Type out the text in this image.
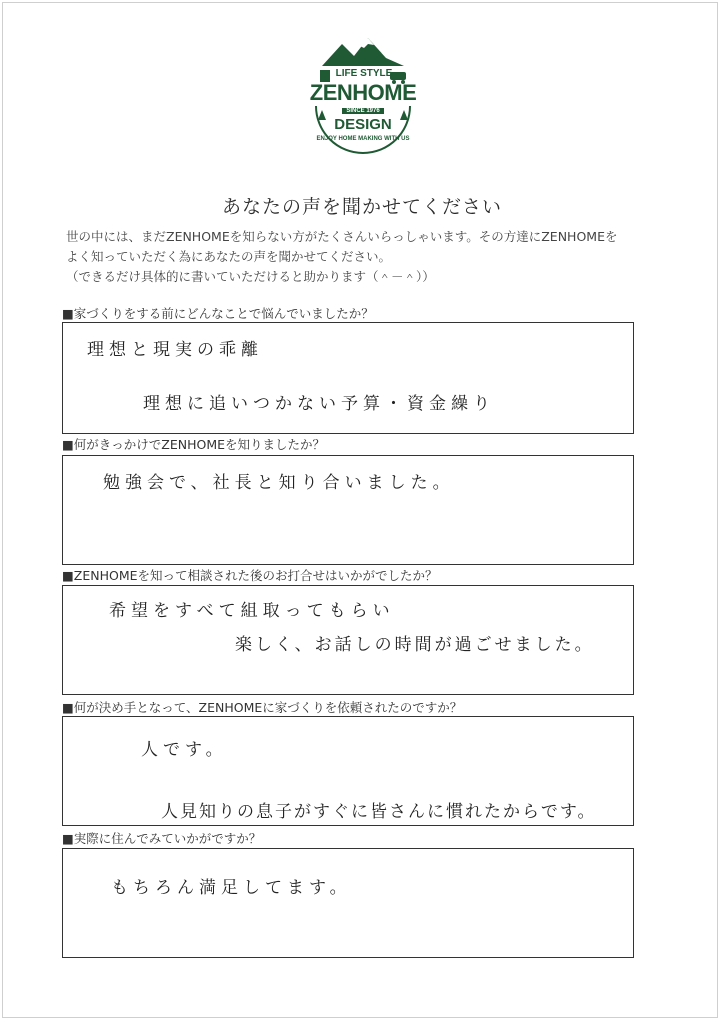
LIFE STYLE
ZENHOME
SINCE 1976
DESIGN
ENJOY HOME MAKING WITH US
あなたの声を聞かせてください
世の中には、まだZENHOMEを知らない方がたくさんいらっしゃいます。その方達にZENHOMEを
よく知っていただく為にあなたの声を聞かせてください。
（できるだけ具体的に書いていただけると助かります（＾－＾））
■家づくりをする前にどんなことで悩んでいましたか？
理想と現実の乖離
理想に追いつかない予算・資金繰り
■何がきっかけでZENHOMEを知りましたか？
勉強会で、社長と知り合いました。
■ZENHOMEを知って相談された後のお打合せはいかがでしたか？
希望をすべて組取ってもらい
楽しく、お話しの時間が過ごせました。
■何が決め手となって、ZENHOMEに家づくりを依頼されたのですか？
人です。
人見知りの息子がすぐに皆さんに慣れたからです。
■実際に住んでみていかがですか？
もちろん満足してます。
